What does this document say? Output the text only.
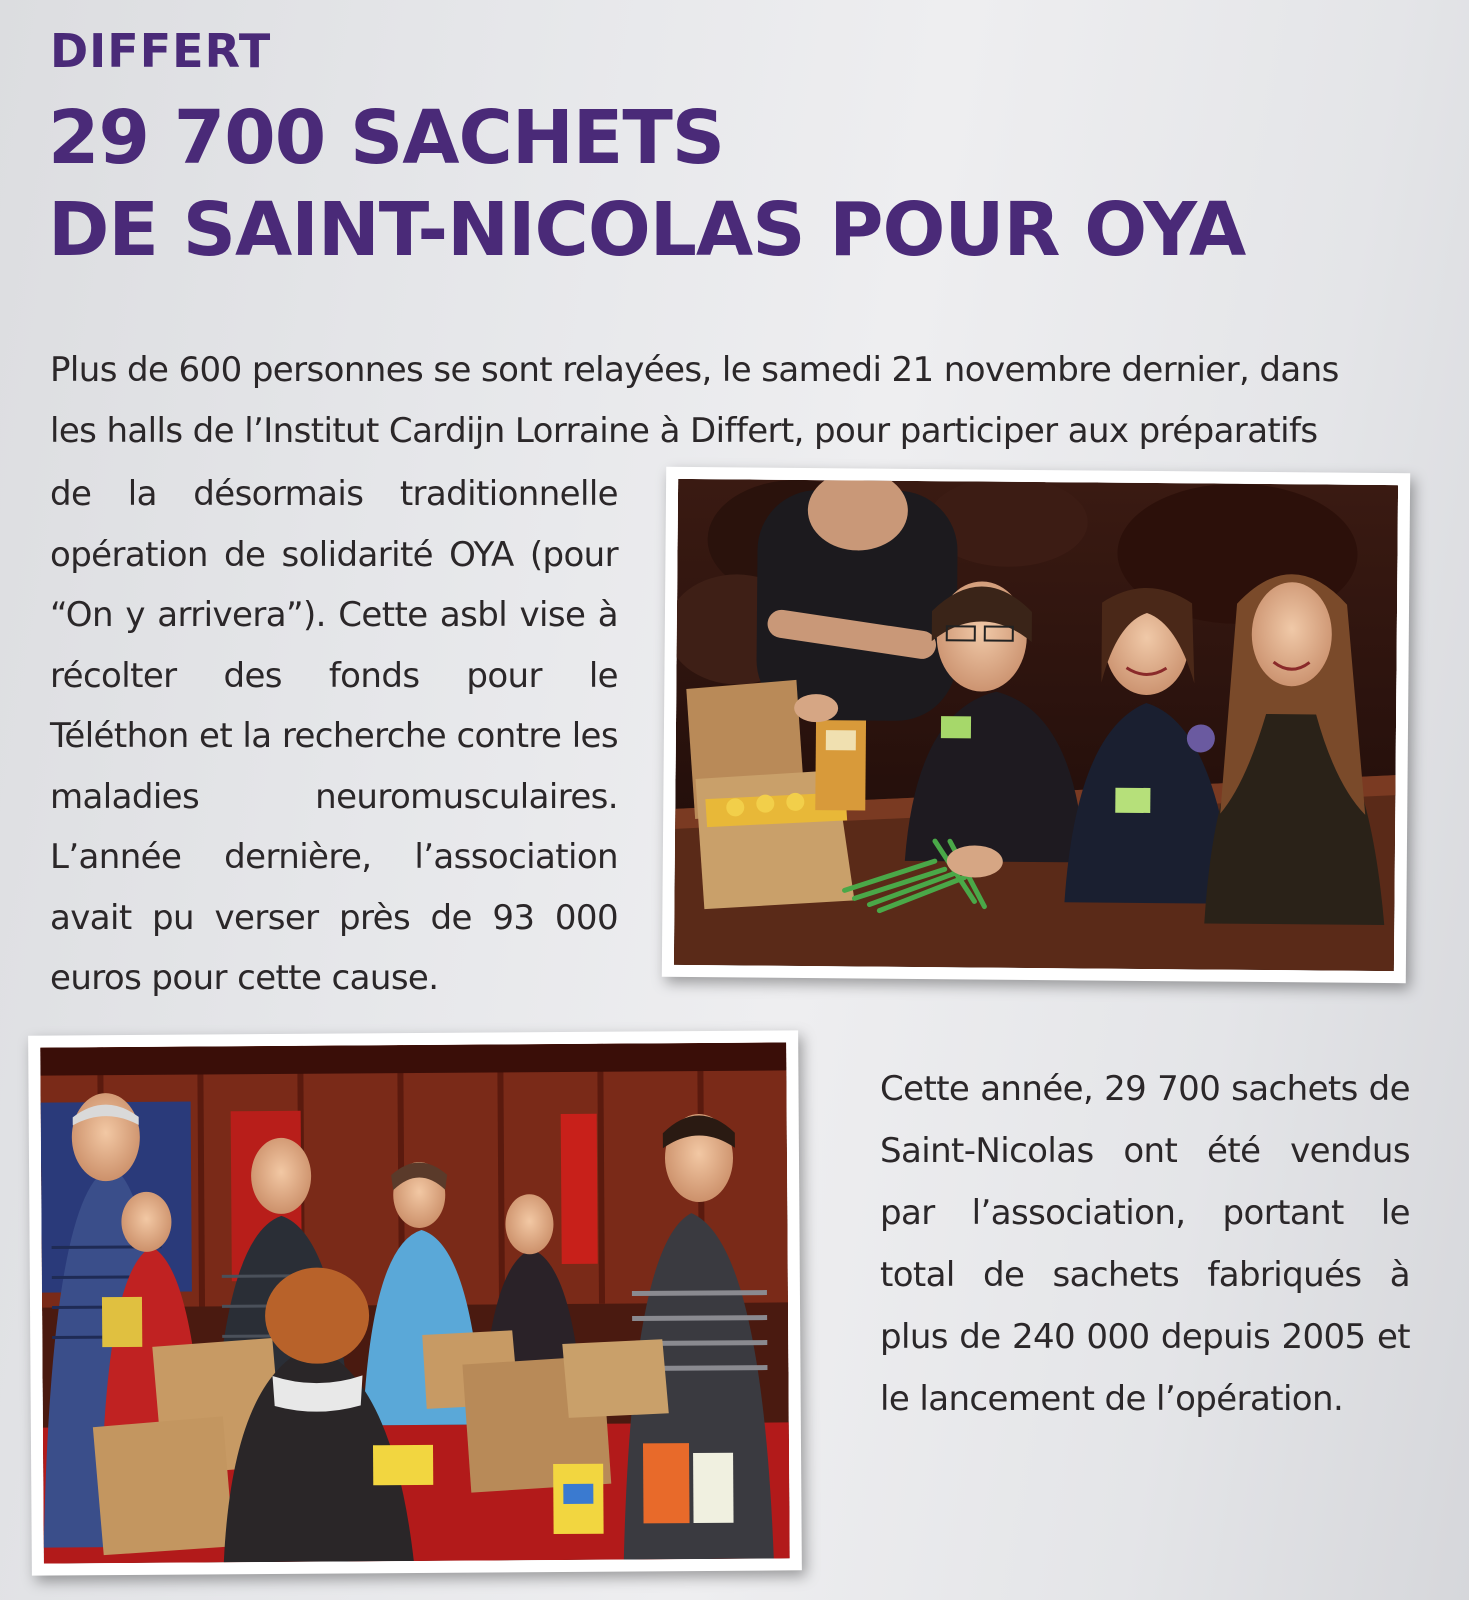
DIFFERT
29 700 SACHETS
DE SAINT-NICOLAS POUR OYA

Plus de 600 personnes se sont relayées, le samedi 21 novembre dernier, dans les halls de l’Institut Cardijn Lorraine à Differt, pour participer aux préparatifs

de la désormais traditionnelle opération de solidarité OYA (pour “On y arrivera”). Cette asbl vise à récolter des fonds pour le Téléthon et la recherche contre les maladies neuromusculaires. L’année dernière, l’association avait pu verser près de 93 000 euros pour cette cause.

Cette année, 29 700 sachets de Saint-Nicolas ont été vendus par l’association, portant le total de sachets fabriqués à plus de 240 000 depuis 2005 et le lancement de l’opération.
